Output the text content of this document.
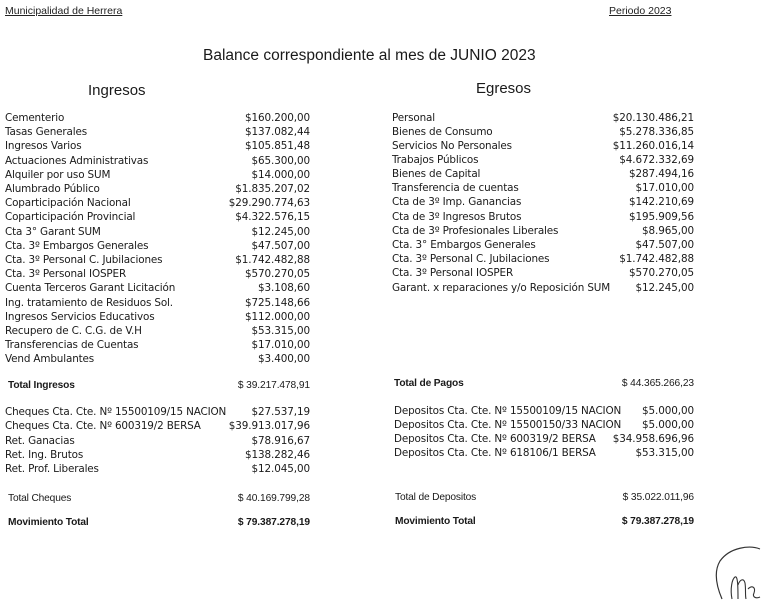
Municipalidad de Herrera	Periodo 2023
Balance correspondiente al mes de JUNIO 2023
Ingresos	Egresos
Cementerio	$160.200,00
Tasas Generales	$137.082,44
Ingresos Varios	$105.851,48
Actuaciones Administrativas	$65.300,00
Alquiler por uso SUM	$14.000,00
Alumbrado Público	$1.835.207,02
Coparticipación Nacional	$29.290.774,63
Coparticipación Provincial	$4.322.576,15
Cta 3° Garant SUM	$12.245,00
Cta. 3º Embargos Generales	$47.507,00
Cta. 3º Personal C. Jubilaciones	$1.742.482,88
Cta. 3º Personal IOSPER	$570.270,05
Cuenta Terceros Garant Licitación	$3.108,60
Ing. tratamiento de Residuos Sol.	$725.148,66
Ingresos Servicios Educativos	$112.000,00
Recupero de C. C.G. de V.H	$53.315,00
Transferencias de Cuentas	$17.010,00
Vend Ambulantes	$3.400,00
Total Ingresos	$ 39.217.478,91
Cheques Cta. Cte. Nº 15500109/15 NACION $27.537,19
Cheques Cta. Cte. Nº 600319/2 BERSA	$39.913.017,96
Ret. Ganacias	$78.916,67
Ret. Ing. Brutos	$138.282,46
Ret. Prof. Liberales	$12.045,00
Total Cheques	$ 40.169.799,28
Movimiento Total	$ 79.387.278,19
Personal	$20.130.486,21
Bienes de Consumo	$5.278.336,85
Servicios No Personales	$11.260.016,14
Trabajos Públicos	$4.672.332,69
Bienes de Capital	$287.494,16
Transferencia de cuentas	$17.010,00
Cta de 3º Imp. Ganancias	$142.210,69
Cta de 3º Ingresos Brutos	$195.909,56
Cta de 3º Profesionales Liberales	$8.965,00
Cta. 3° Embargos Generales	$47.507,00
Cta. 3º Personal C. Jubilaciones	$1.742.482,88
Cta. 3º Personal IOSPER	$570.270,05
Garant. x reparaciones y/o Reposición SUM $12.245,00
Total de Pagos	$ 44.365.266,23
Depositos Cta. Cte. Nº 15500109/15 NACION $5.000,00
Depositos Cta. Cte. Nº 15500150/33 NACION $5.000,00
Depositos Cta. Cte. Nº 600319/2 BERSA $34.958.696,96
Depositos Cta. Cte. Nº 618106/1 BERSA	$53.315,00
Total de Depositos	$ 35.022.011,96
Movimiento Total	$ 79.387.278,19
